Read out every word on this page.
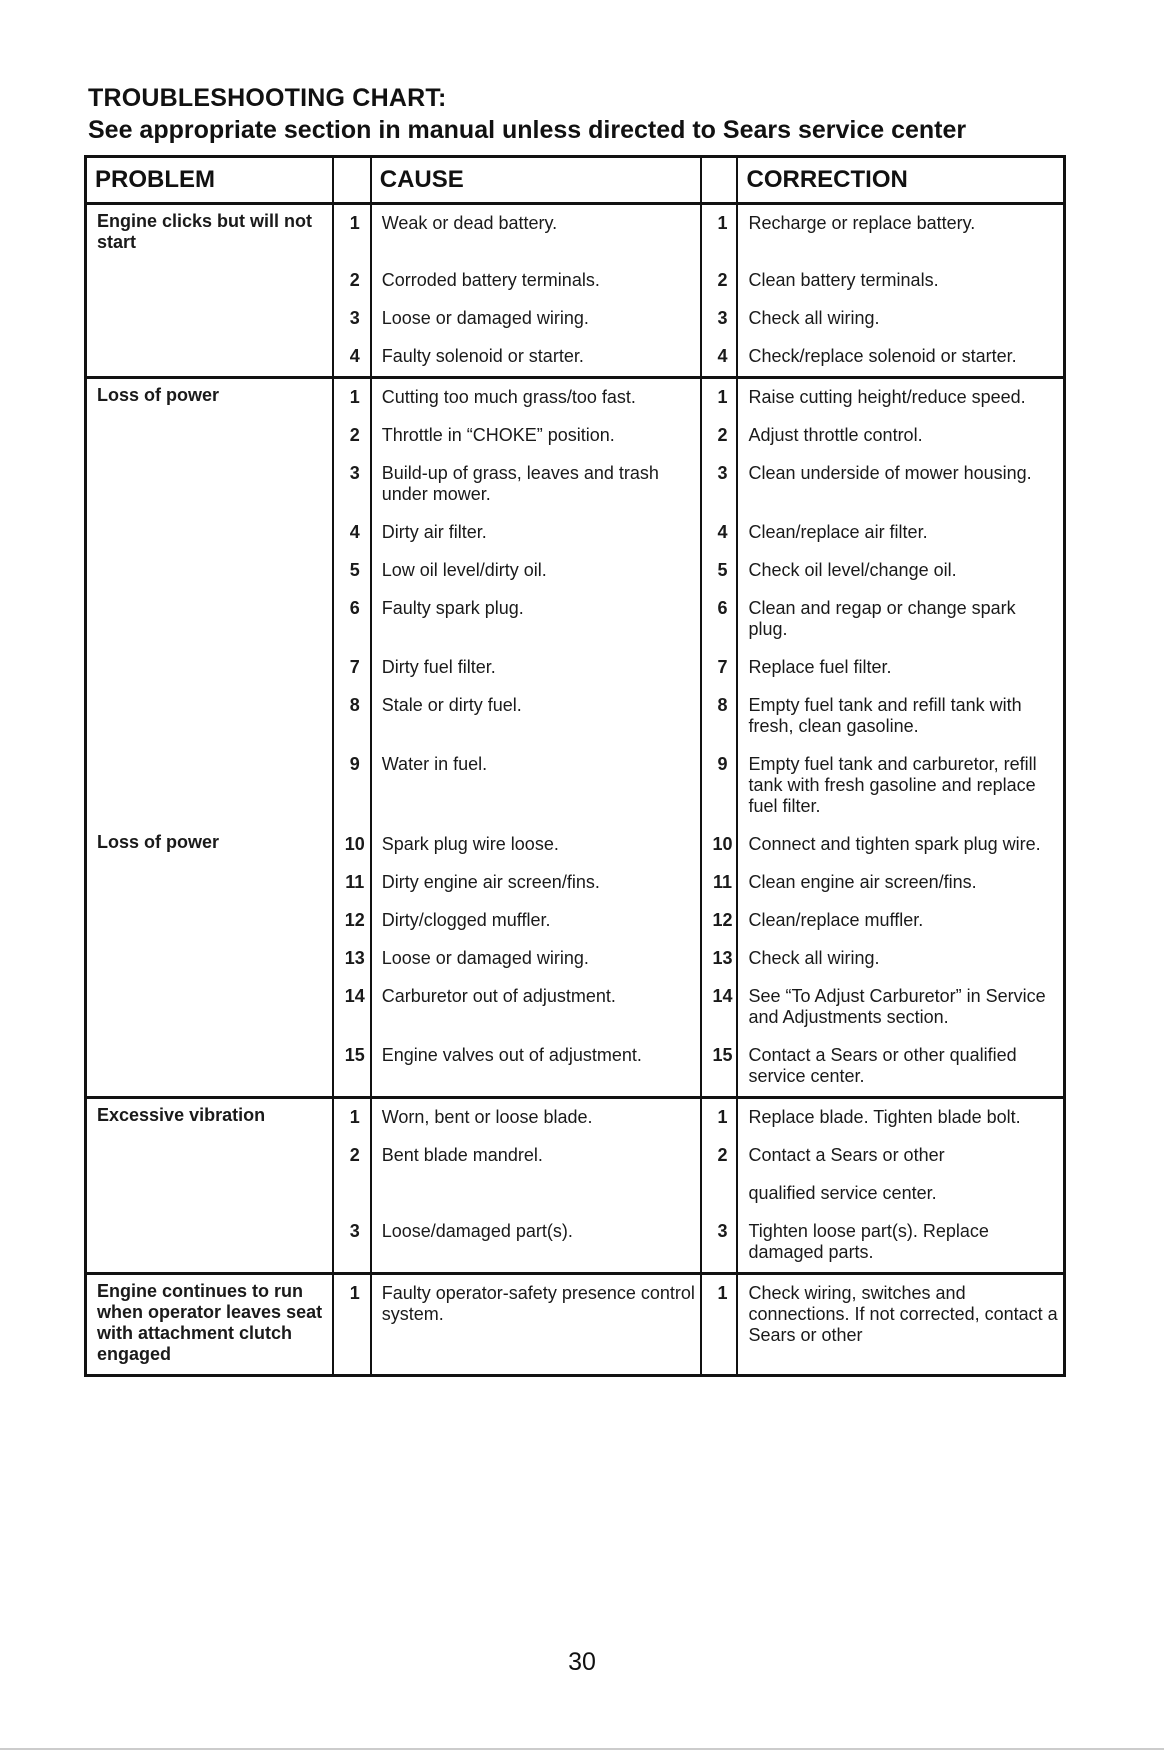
TROUBLESHOOTING CHART:
See appropriate section in manual unless directed to Sears service center
PROBLEM		CAUSE		CORRECTION
Engine clicks but will not start	1	Weak or dead battery.	1	Recharge or replace battery.
	2	Corroded battery terminals.	2	Clean battery terminals.
	3	Loose or damaged wiring.	3	Check all wiring.
	4	Faulty solenoid or starter.	4	Check/replace solenoid or starter.
Loss of power	1	Cutting too much grass/too fast.	1	Raise cutting height/reduce speed.
	2	Throttle in “CHOKE” position.	2	Adjust throttle control.
	3	Build-up of grass, leaves and trash under mower.	3	Clean underside of mower housing.
	4	Dirty air filter.	4	Clean/replace air filter.
	5	Low oil level/dirty oil.	5	Check oil level/change oil.
	6	Faulty spark plug.	6	Clean and regap or change spark plug.
	7	Dirty fuel filter.	7	Replace fuel filter.
	8	Stale or dirty fuel.	8	Empty fuel tank and refill tank with fresh, clean gasoline.
	9	Water in fuel.	9	Empty fuel tank and carburetor, refill tank with fresh gasoline and replace fuel filter.
Loss of power	10	Spark plug wire loose.	10	Connect and tighten spark plug wire.
	11	Dirty engine air screen/fins.	11	Clean engine air screen/fins.
	12	Dirty/clogged muffler.	12	Clean/replace muffler.
	13	Loose or damaged wiring.	13	Check all wiring.
	14	Carburetor out of adjustment.	14	See “To Adjust Carburetor” in Service and Adjustments section.
	15	Engine valves out of adjustment.	15	Contact a Sears or other qualified service center.
Excessive vibration	1	Worn, bent or loose blade.	1	Replace blade. Tighten blade bolt.
	2	Bent blade mandrel.	2	Contact a Sears or other
				qualified service center.
	3	Loose/damaged part(s).	3	Tighten loose part(s). Replace damaged parts.
Engine continues to run when operator leaves seat with attachment clutch engaged	1	Faulty operator-safety presence control system.	1	Check wiring, switches and connections. If not corrected, contact a Sears or other
30
